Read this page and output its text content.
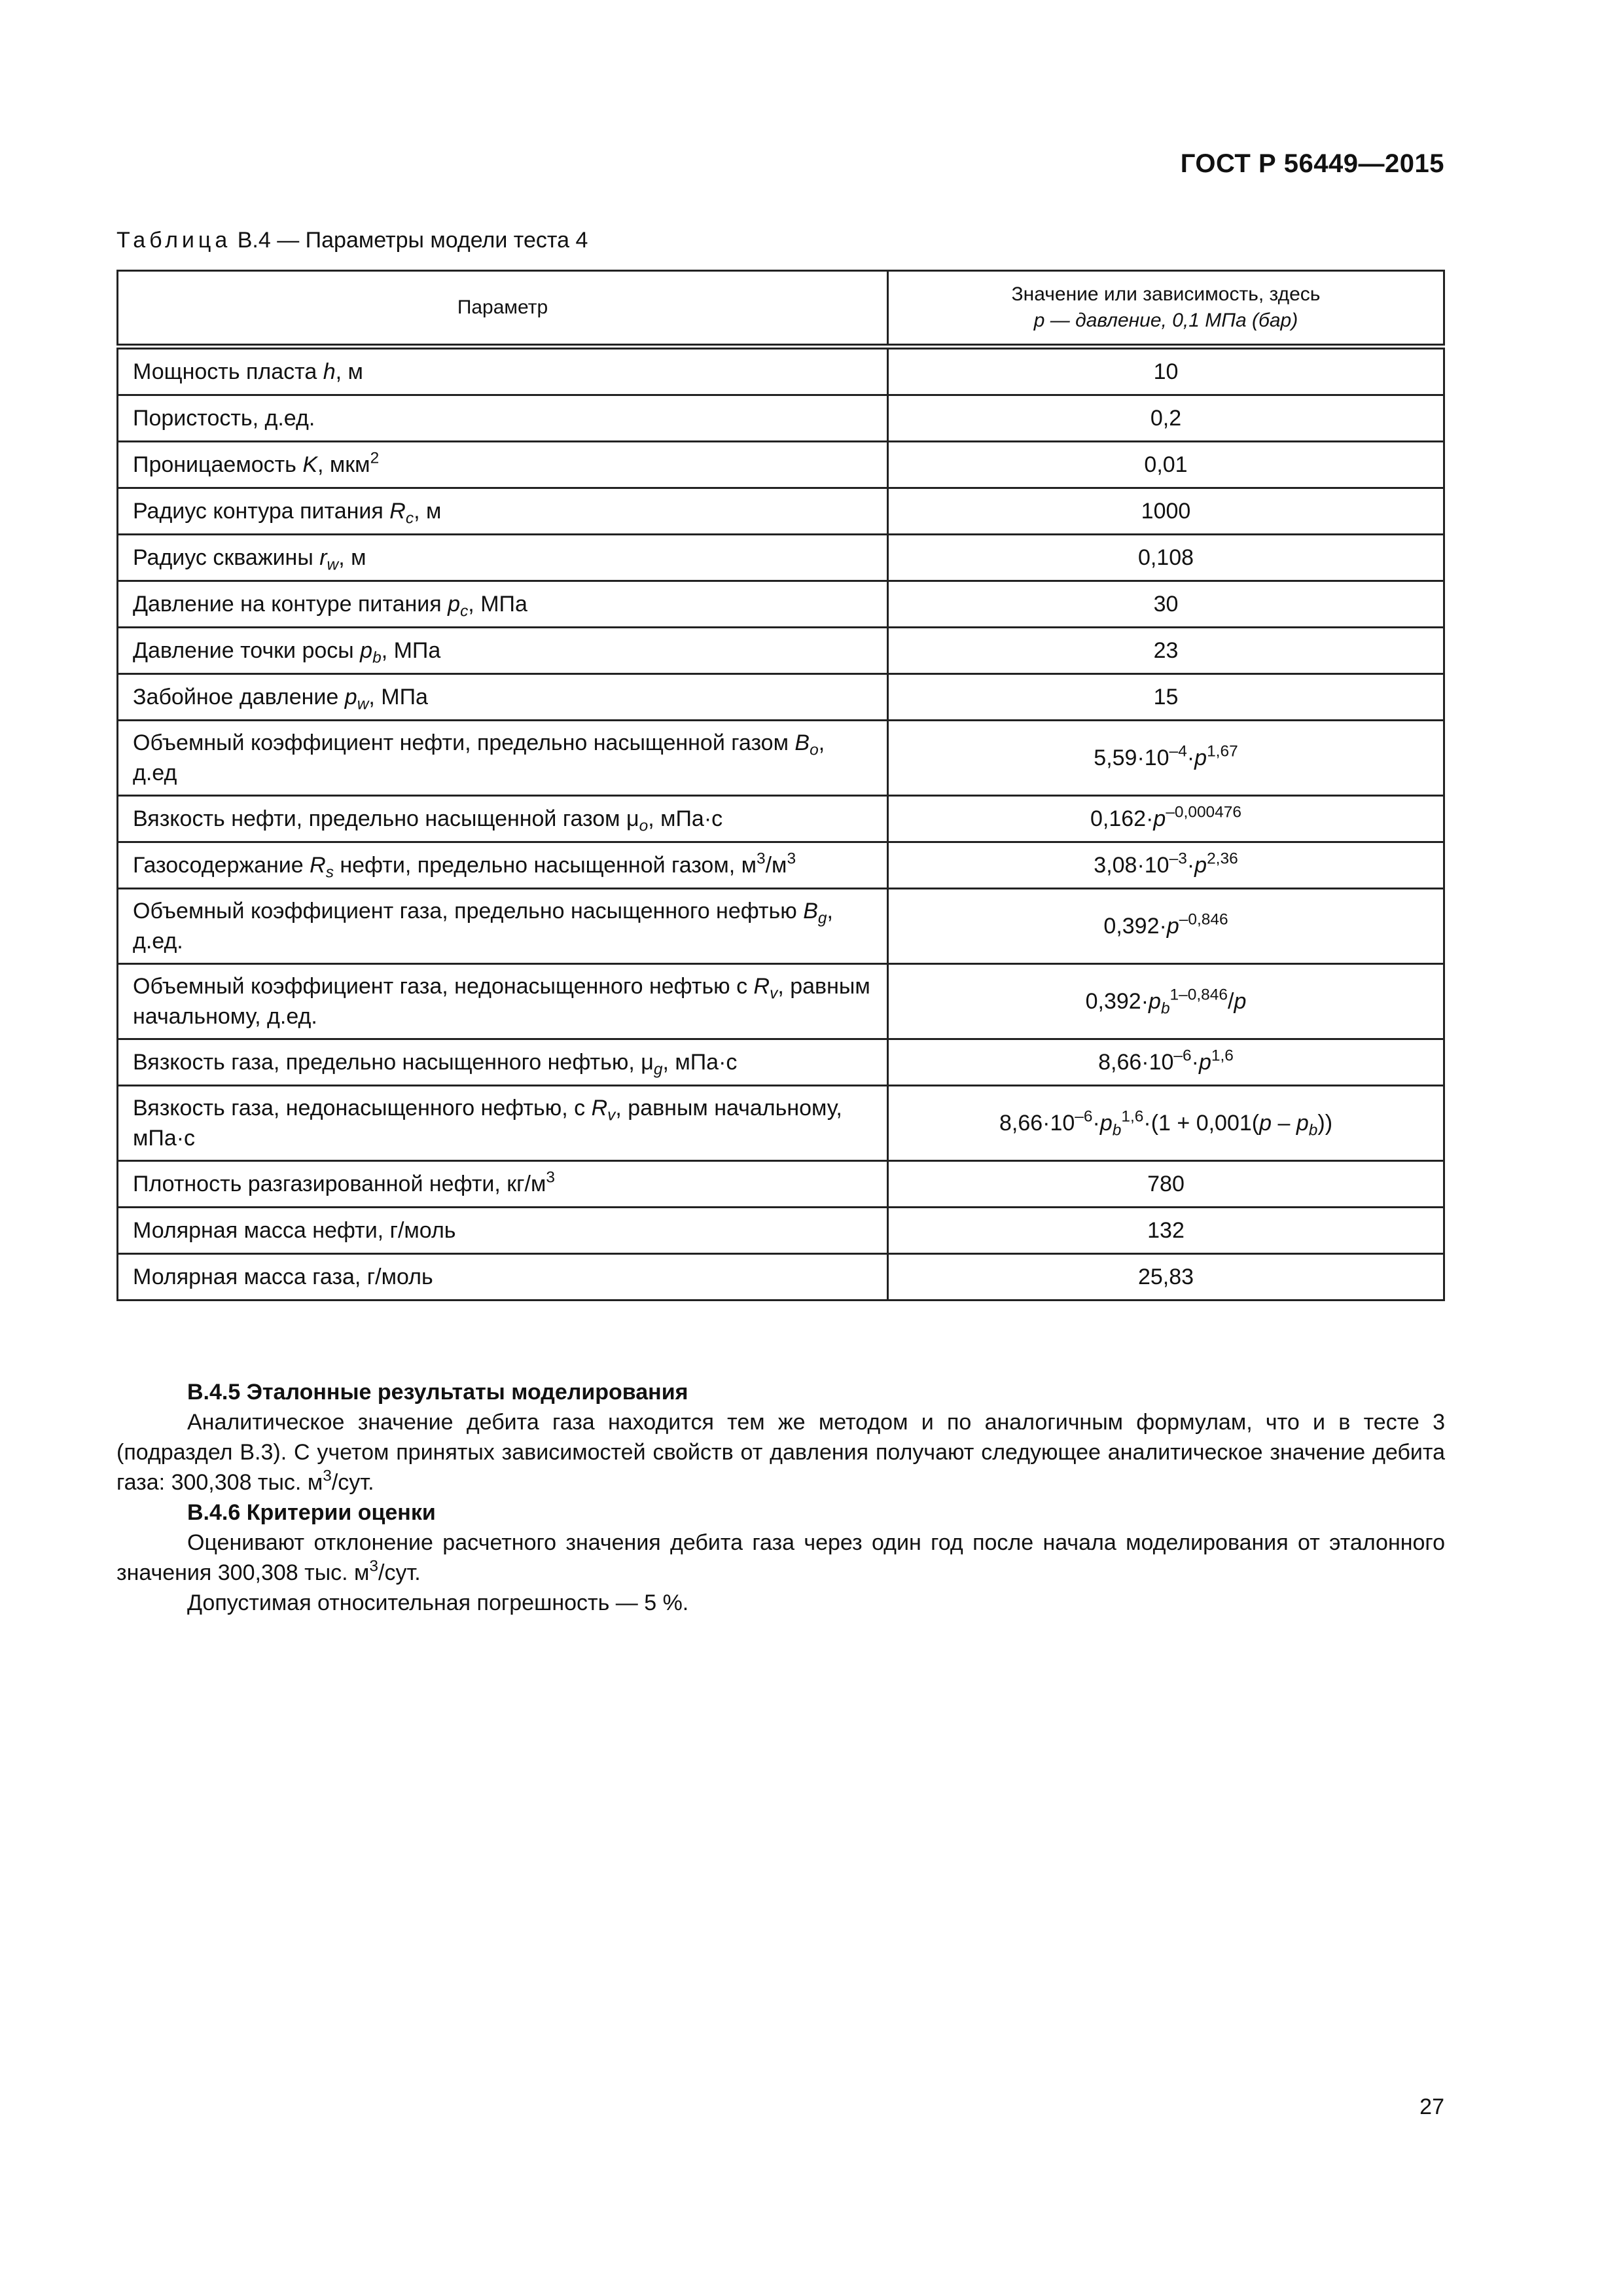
ГОСТ Р 56449—2015
Таблица В.4 — Параметры модели теста 4
Параметр	Значение или зависимость, здесь
p — давление, 0,1 МПа (бар)
Мощность пласта h, м	10
Пористость, д.ед.	0,2
Проницаемость K, мкм$^2$	0,01
Радиус контура питания $R_c$, м	1000
Радиус скважины $r_w$, м	0,108
Давление на контуре питания $p_c$, МПа	30
Давление точки росы $p_b$, МПа	23
Забойное давление $p_w$, МПа	15
Объемный коэффициент нефти, предельно насыщенной газом $B_o$, д.ед	$5,59\cdot 10^{-4}\cdot p^{1,67}$
Вязкость нефти, предельно насыщенной газом $\mu_o$, мПа·с	$0,162\cdot p^{-0,000476}$
Газосодержание $R_s$ нефти, предельно насыщенной газом, $м^3/м^3$	$3,08\cdot 10^{-3}\cdot p^{2,36}$
Объемный коэффициент газа, предельно насыщенного нефтью $B_g$, д.ед.	$0,392\cdot p^{-0,846}$
Объемный коэффициент газа, недонасыщенного нефтью с $R_v$, равным начальному, д.ед.	$0,392\cdot p_b^{1-0,846}/p$
Вязкость газа, предельно насыщенного нефтью, $\mu_g$, мПа·с	$8,66\cdot 10^{-6}\cdot p^{1,6}$
Вязкость газа, недонасыщенного нефтью, с $R_v$, равным начальному, мПа·с	$8,66\cdot 10^{-6}\cdot p_b^{1,6}\cdot(1 + 0,001(p - p_b))$
Плотность разгазированной нефти, $кг/м^3$	780
Молярная масса нефти, г/моль	132
Молярная масса газа, г/моль	25,83

В.4.5 Эталонные результаты моделирования

Аналитическое значение дебита газа находится тем же методом и по аналогичным формулам, что и в тесте 3 (подраздел В.3). С учетом принятых зависимостей свойств от давления получают следующее аналитическое значение дебита газа: 300,308 тыс. $м^3$/сут.

В.4.6 Критерии оценки

Оценивают отклонение расчетного значения дебита газа через один год после начала моделирования от эталонного значения 300,308 тыс. $м^3$/сут.

Допустимая относительная погрешность — 5 %.

27
